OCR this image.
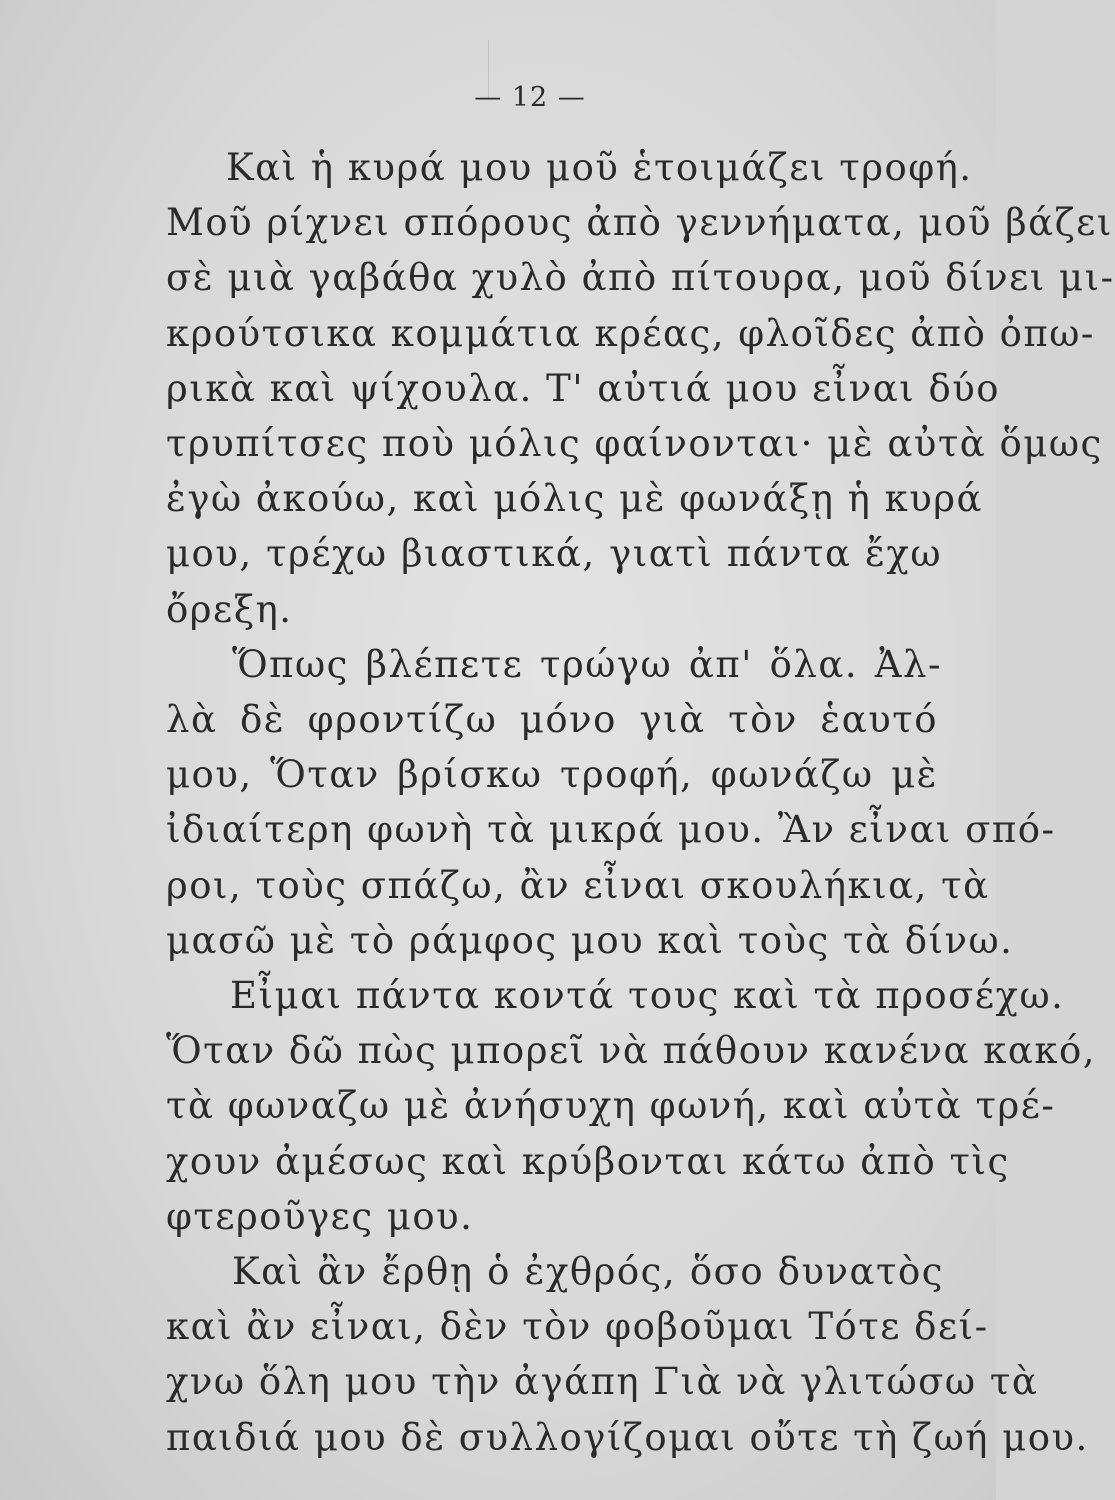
— 12 —
Καὶ ἡ κυρά μου μοῦ ἑτοιμάζει τροφή.
Μοῦ ρίχνει σπόρους ἀπὸ γεννήματα, μοῦ βάζει
σὲ μιὰ γαβάθα χυλὸ ἀπὸ πίτουρα, μοῦ δίνει μι-
κρούτσικα κομμάτια κρέας, φλοῖδες ἀπὸ ὀπω-
ρικὰ καὶ ψίχουλα. Τ' αὐτιά μου εἶναι δύο
τρυπίτσες ποὺ μόλις φαίνονται· μὲ αὐτὰ ὅμως
ἐγὼ ἀκούω, καὶ μόλις μὲ φωνάξῃ ἡ κυρά
μου, τρέχω βιαστικά, γιατὶ πάντα ἔχω
ὄρεξη.
Ὅπως βλέπετε τρώγω ἀπ' ὅλα. Ἀλ-
λὰ δὲ φροντίζω μόνο γιὰ τὸν ἑαυτό
μου, Ὅταν βρίσκω τροφή, φωνάζω μὲ
ἰδιαίτερη φωνὴ τὰ μικρά μου. Ἂν εἶναι σπό-
ροι, τοὺς σπάζω, ἂν εἶναι σκουλήκια, τὰ
μασῶ μὲ τὸ ράμφος μου καὶ τοὺς τὰ δίνω.
Εἶμαι πάντα κοντά τους καὶ τὰ προσέχω.
Ὅταν δῶ πὼς μπορεῖ νὰ πάθουν κανένα κακό,
τὰ φωναζω μὲ ἀνήσυχη φωνή, καὶ αὐτὰ τρέ-
χουν ἀμέσως καὶ κρύβονται κάτω ἀπὸ τὶς
φτεροῦγες μου.
Καὶ ἂν ἔρθῃ ὁ ἐχθρός, ὅσο δυνατὸς
καὶ ἂν εἶναι, δὲν τὸν φοβοῦμαι Τότε δεί-
χνω ὅλη μου τὴν ἀγάπη Γιὰ νὰ γλιτώσω τὰ
παιδιά μου δὲ συλλογίζομαι οὔτε τὴ ζωή μου.
